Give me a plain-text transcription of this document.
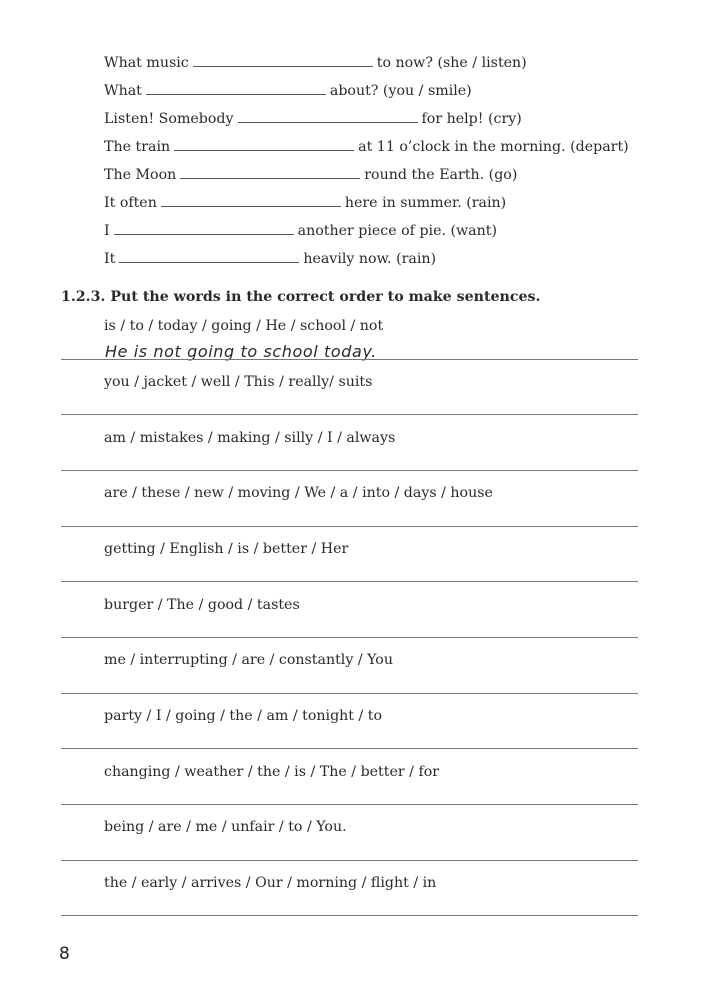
What music	to now? (she / listen)
What	about? (you / smile)
Listen! Somebody	for help! (cry)
The train	at 11 o’clock in the morning. (depart)
The Moon	round the Earth. (go)
It often	here in summer. (rain)
I	another piece of pie. (want)
It	heavily now. (rain)
1.2.3. Put the words in the correct order to make sentences.
is / to / today / going / He / school / not
He is not going to school today.
you / jacket / well / This / really/ suits
am / mistakes / making / silly / I / always
are / these / new / moving / We / a / into / days / house
getting / English / is / better / Her
burger / The / good / tastes
me / interrupting / are / constantly / You
party / I / going / the / am / tonight / to
changing / weather / the / is / The / better / for
being / are / me / unfair / to / You.
the / early / arrives / Our / morning / flight / in
8
